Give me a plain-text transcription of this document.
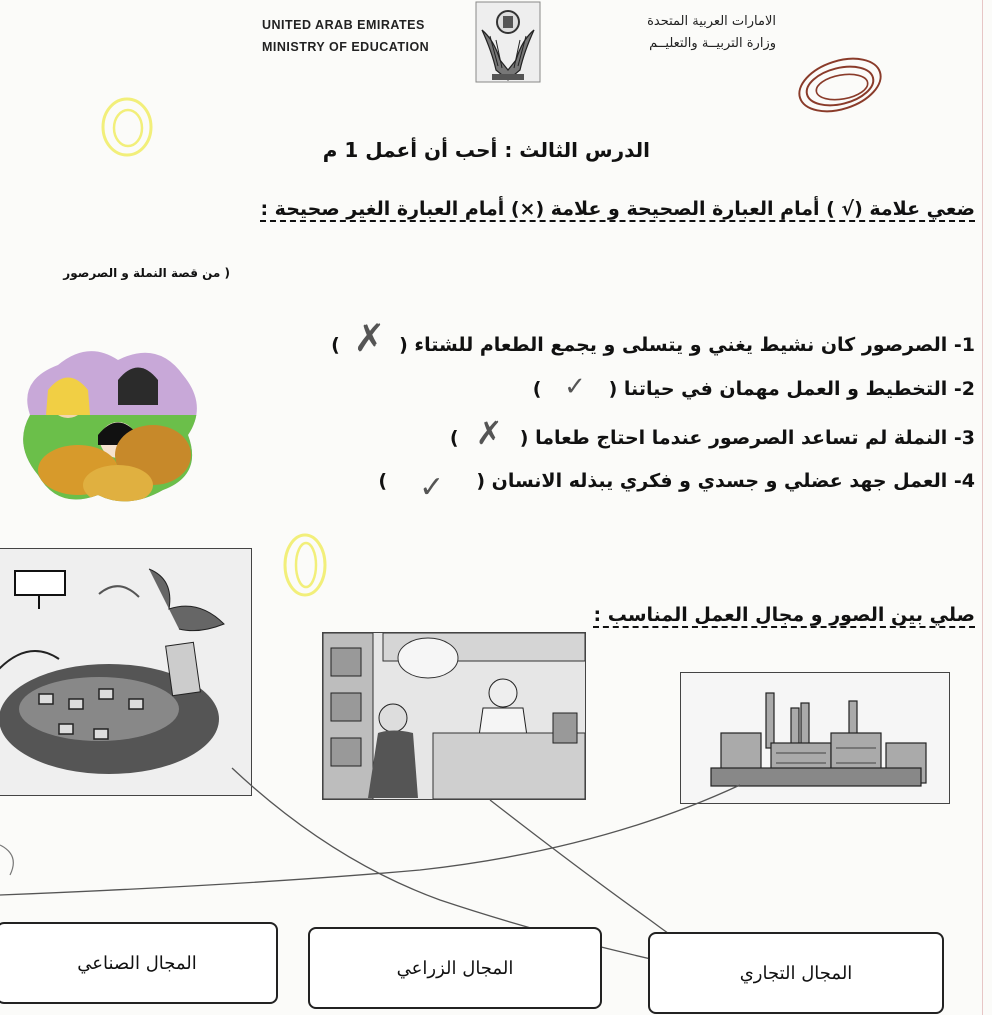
UNITED ARAB EMIRATES
MINISTRY OF EDUCATION
الامارات العربية المتحدة
وزارة التربيــة والتعليــم
الدرس الثالث : أحب أن أعمل 1 م
ضعي علامة (√ ) أمام العبارة الصحيحة و علامة (×) أمام العبارة الغير صحيحة :
( من قصة النملة و الصرصور
1- الصرصور كان نشيط يغني و يتسلى و يجمع الطعام للشتاء ( ✗ )
2- التخطيط و العمل مهمان في حياتنا ( ✓ )
3- النملة لم تساعد الصرصور عندما احتاج طعاما ( ✗ )
4- العمل جهد عضلي و جسدي و فكري يبذله الانسان ( ✓ )
صلي بين الصور و مجال العمل المناسب :
المجال التجاري
المجال الزراعي
المجال الصناعي
